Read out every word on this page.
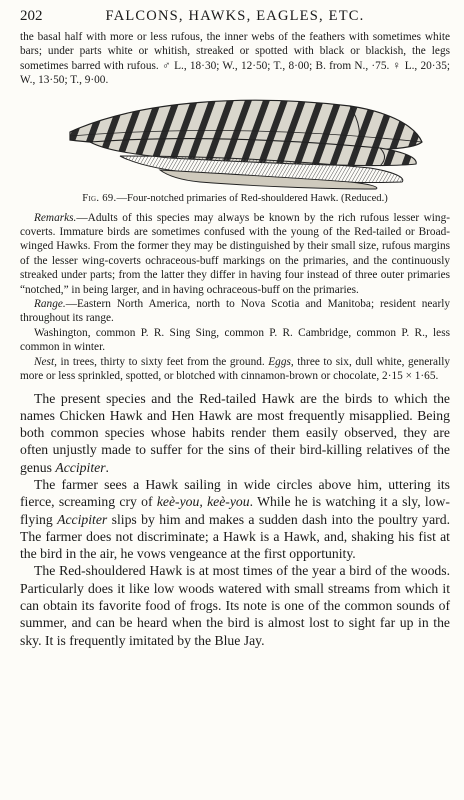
202	FALCONS, HAWKS, EAGLES, ETC.

the basal half with more or less rufous, the inner webs of the feathers with sometimes white bars; under parts white or whitish, streaked or spotted with black or blackish, the legs sometimes barred with rufous. ♂ L., 18·30; W., 12·50; T., 8·00; B. from N., ·75. ♀ L., 20·35; W., 13·50; T., 9·00.

Fig. 69.—Four-notched primaries of Red-shouldered Hawk. (Reduced.)

Remarks.—Adults of this species may always be known by the rich rufous lesser wing-coverts. Immature birds are sometimes confused with the young of the Red-tailed or Broad-winged Hawks. From the former they may be distinguished by their small size, rufous margins of the lesser wing-coverts ochraceous-buff markings on the primaries, and the continuously streaked under parts; from the latter they differ in having four instead of three outer primaries “notched,” in being larger, and in having ochraceous-buff on the primaries.

Range.—Eastern North America, north to Nova Scotia and Manitoba; resident nearly throughout its range.

Washington, common P. R. Sing Sing, common P. R. Cambridge, common P. R., less common in winter.

Nest, in trees, thirty to sixty feet from the ground. Eggs, three to six, dull white, generally more or less sprinkled, spotted, or blotched with cinnamon-brown or chocolate, 2·15 × 1·65.

The present species and the Red-tailed Hawk are the birds to which the names Chicken Hawk and Hen Hawk are most frequently misapplied. Being both common species whose habits render them easily observed, they are often unjustly made to suffer for the sins of their bird-killing relatives of the genus Accipiter.

The farmer sees a Hawk sailing in wide circles above him, uttering its fierce, screaming cry of keè-you, keè-you. While he is watching it a sly, low-flying Accipiter slips by him and makes a sudden dash into the poultry yard. The farmer does not discriminate; a Hawk is a Hawk, and, shaking his fist at the bird in the air, he vows vengeance at the first opportunity.

The Red-shouldered Hawk is at most times of the year a bird of the woods. Particularly does it like low woods watered with small streams from which it can obtain its favorite food of frogs. Its note is one of the common sounds of summer, and can be heard when the bird is almost lost to sight far up in the sky. It is frequently imitated by the Blue Jay.
